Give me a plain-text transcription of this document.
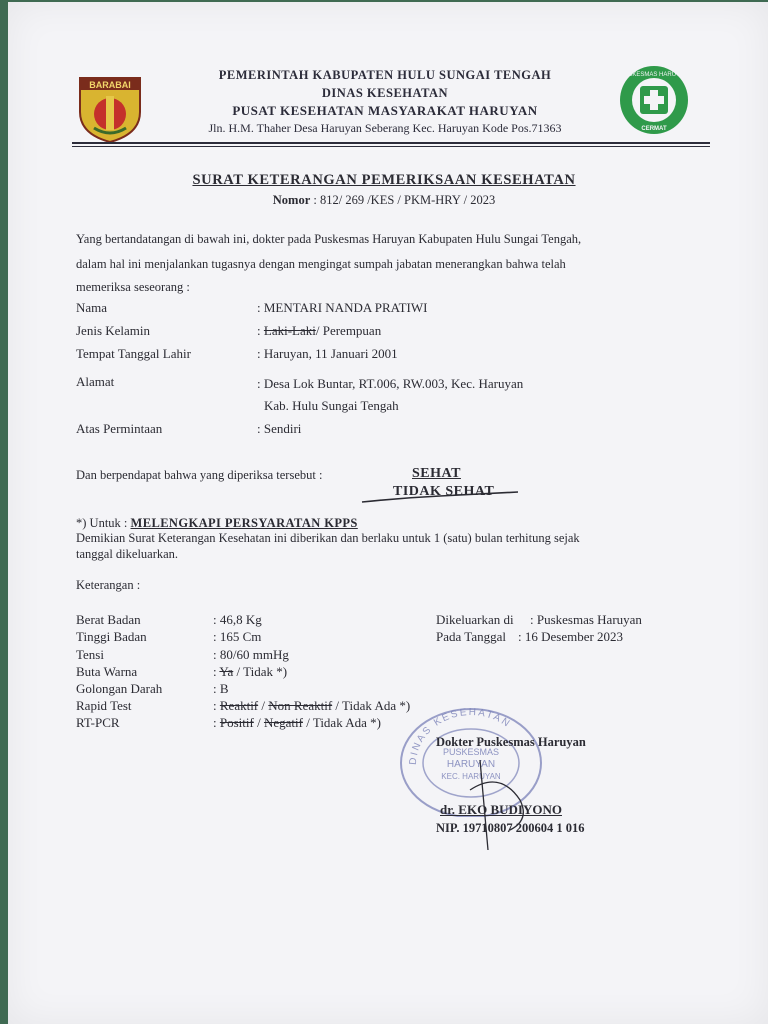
BARABAI
PUSKESMAS HARUYAN
CERMAT
PEMERINTAH KABUPATEN HULU SUNGAI TENGAH
DINAS KESEHATAN
PUSAT KESEHATAN MASYARAKAT HARUYAN
Jln. H.M. Thaher Desa Haruyan Seberang Kec. Haruyan Kode Pos.71363
SURAT KETERANGAN PEMERIKSAAN KESEHATAN
Nomor : 812/ 269 /KES / PKM-HRY / 2023
Yang bertandatangan di bawah ini, dokter pada Puskesmas Haruyan Kabupaten Hulu Sungai Tengah,
dalam hal ini menjalankan tugasnya dengan mengingat sumpah jabatan menerangkan bahwa telah
memeriksa seseorang :
Nama	: MENTARI NANDA PRATIWI
Jenis Kelamin	: Laki-Laki/ Perempuan
Tempat Tanggal Lahir	: Haruyan, 11 Januari 2001
Alamat	: Desa Lok Buntar, RT.006, RW.003, Kec. Haruyan
Kab. Hulu Sungai Tengah
Atas Permintaan	: Sendiri
Dan berpendapat bahwa yang diperiksa tersebut :	SEHAT
TIDAK SEHAT
*) Untuk : MELENGKAPI PERSYARATAN KPPS
Demikian Surat Keterangan Kesehatan ini diberikan dan berlaku untuk 1 (satu) bulan terhitung sejak
tanggal dikeluarkan.
Keterangan :
Berat Badan	: 46,8 Kg
Tinggi Badan	: 165 Cm
Tensi	: 80/60 mmHg
Buta Warna	: Ya / Tidak *)
Golongan Darah	: B
Rapid Test	: Reaktif / Non Reaktif / Tidak Ada *)
RT-PCR	: Positif / Negatif / Tidak Ada *)
Dikeluarkan di : Puskesmas Haruyan
Pada Tanggal : 16 Desember 2023
DINAS KESEHATAN
PUSKESMAS
HARUYAN
KEC. HARUYAN
Dokter Puskesmas Haruyan
dr. EKO BUDIYONO
NIP. 19710807 200604 1 016
